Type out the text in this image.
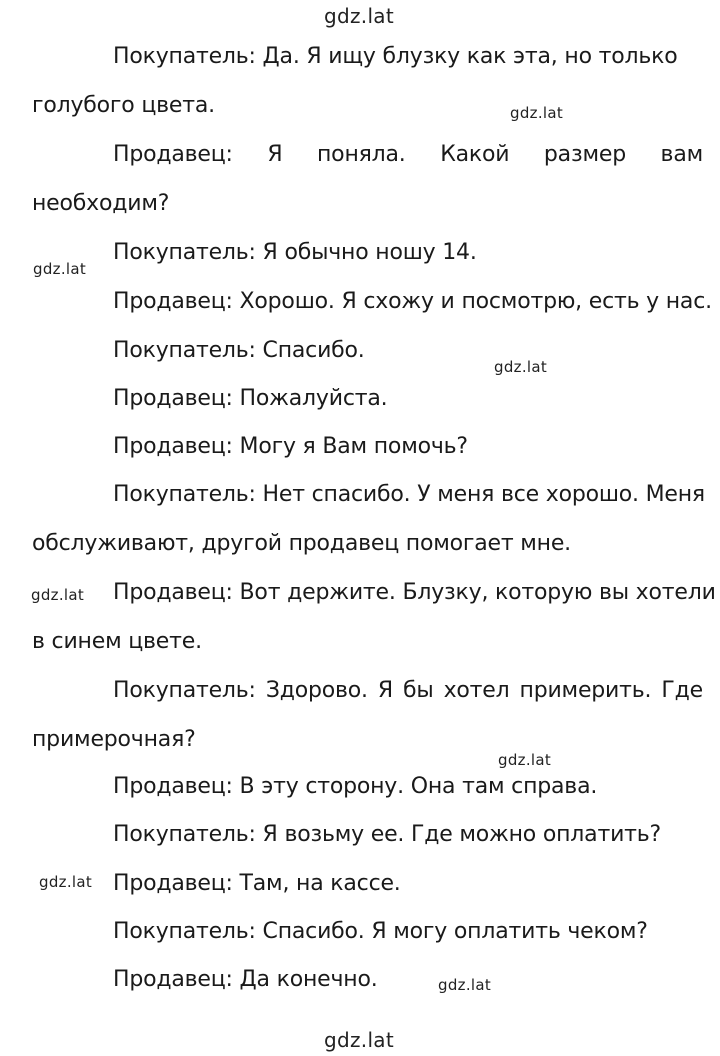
gdz.lat
gdz.lat
gdz.lat
gdz.lat
gdz.lat
gdz.lat
gdz.lat
gdz.lat
gdz.lat
Покупатель: Да. Я ищу блузку как эта, но только
голубого цвета.
Продавец: Я поняла. Какой размер вам
необходим?
Покупатель: Я обычно ношу 14.
Продавец: Хорошо. Я схожу и посмотрю, есть у нас.
Покупатель: Спасибо.
Продавец: Пожалуйста.
Продавец: Могу я Вам помочь?
Покупатель: Нет спасибо. У меня все хорошо. Меня
обслуживают, другой продавец помогает мне.
Продавец: Вот держите. Блузку, которую вы хотели
в синем цвете.
Покупатель: Здорово. Я бы хотел примерить. Где
примерочная?
Продавец: В эту сторону. Она там справа.
Покупатель: Я возьму ее. Где можно оплатить?
Продавец: Там, на кассе.
Покупатель: Спасибо. Я могу оплатить чеком?
Продавец: Да конечно.
